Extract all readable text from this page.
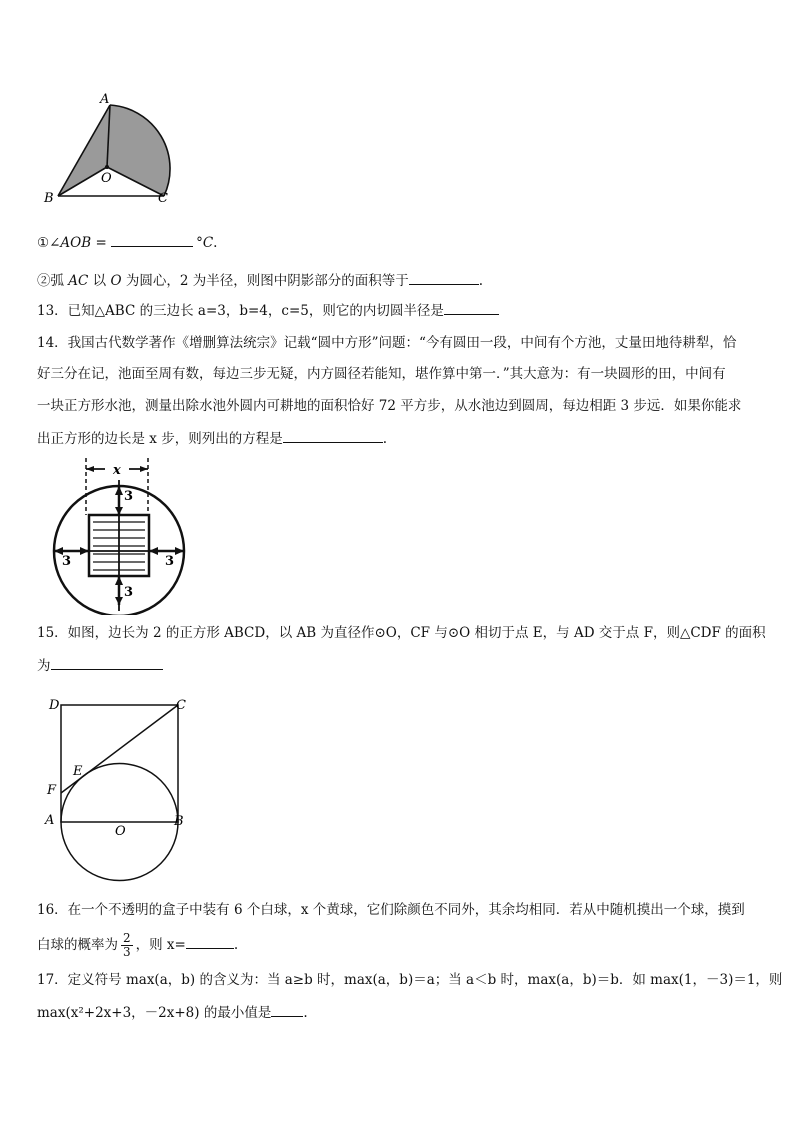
A
B	C
O
①∠AOB =	°C.
②弧 AC 以 O 为圆心，2 为半径，则图中阴影部分的面积等于	.
13．已知△ABC 的三边长 a=3，b=4，c=5，则它的内切圆半径是
14．我国古代数学著作《增删算法统宗》记载“圆中方形”问题：“今有圆田一段，中间有个方池，丈量田地待耕犁，恰
好三分在记，池面至周有数，每边三步无疑，内方圆径若能知，堪作算中第一．”其大意为：有一块圆形的田，中间有
一块正方形水池，测量出除水池外圆内可耕地的面积恰好 72 平方步，从水池边到圆周，每边相距 3 步远．如果你能求
出正方形的边长是 x 步，则列出的方程是	.
x
3
3	3
3
15．如图，边长为 2 的正方形 ABCD，以 AB 为直径作⊙O，CF 与⊙O 相切于点 E，与 AD 交于点 F，则△CDF 的面积
为
D	C
E
F
A
O
B
16．在一个不透明的盒子中装有 6 个白球，x 个黄球，它们除颜色不同外，其余均相同．若从中随机摸出一个球，摸到
白球的概率为 $\frac{2}{3}$ ，则 x=	.
17．定义符号 max(a，b) 的含义为：当 a≥b 时，max(a，b)＝a；当 a＜b 时，max(a，b)＝b．如 max(1，－3)＝1，则
max(x²+2x+3，－2x+8) 的最小值是 .
